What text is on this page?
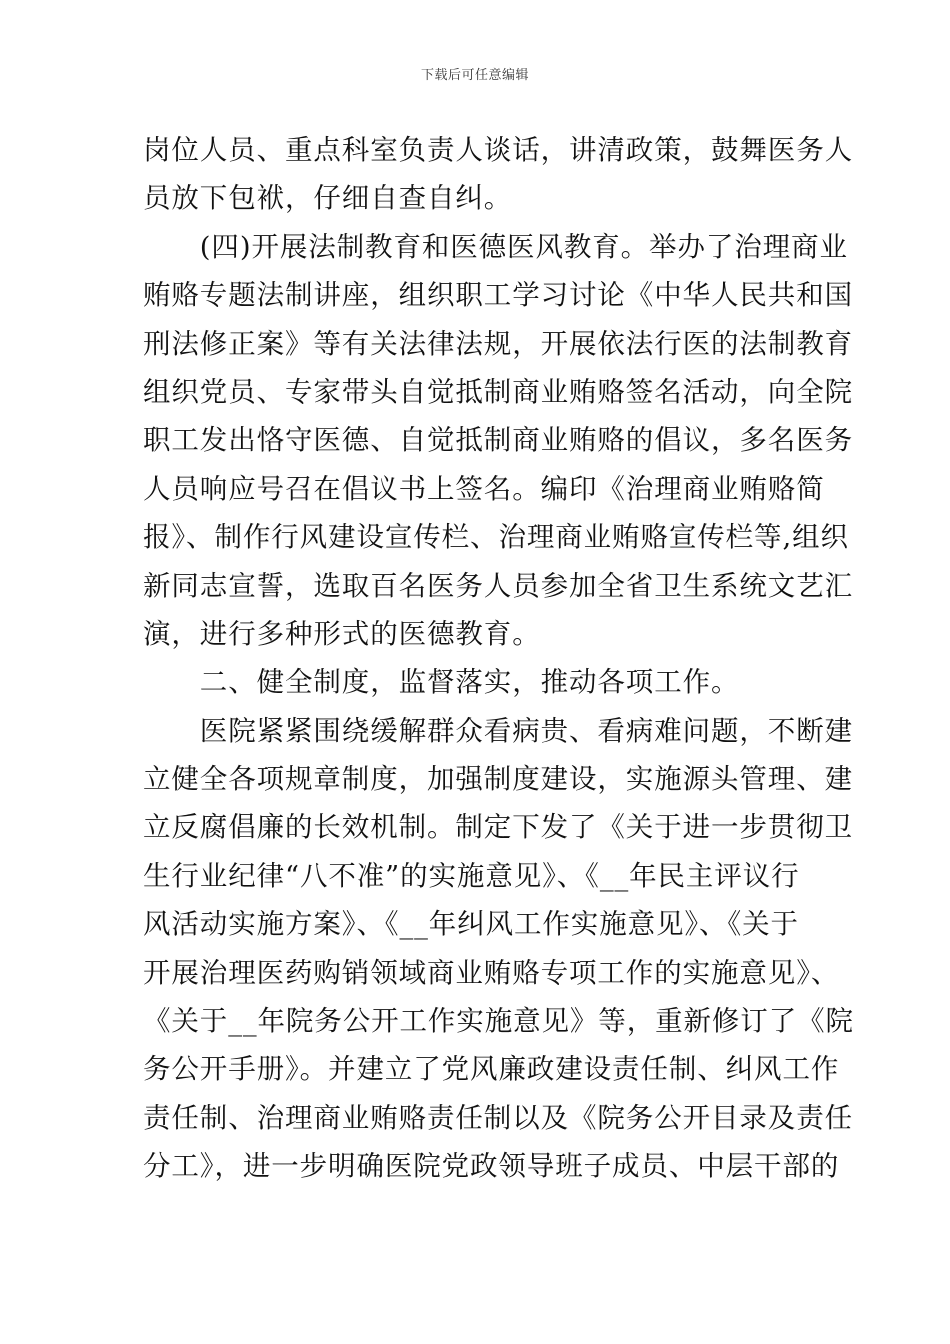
下载后可任意编辑
岗位人员、重点科室负责人谈话，讲清政策，鼓舞医务人
员放下包袱，仔细自查自纠。
　　(四)开展法制教育和医德医风教育。举办了治理商业
贿赂专题法制讲座，组织职工学习讨论《中华人民共和国
刑法修正案》等有关法律法规，开展依法行医的法制教育
组织党员、专家带头自觉抵制商业贿赂签名活动，向全院
职工发出恪守医德、自觉抵制商业贿赂的倡议，多名医务
人员响应号召在倡议书上签名。编印《治理商业贿赂简
报》、制作行风建设宣传栏、治理商业贿赂宣传栏等,组织
新同志宣誓，选取百名医务人员参加全省卫生系统文艺汇
演，进行多种形式的医德教育。
　　二、健全制度，监督落实，推动各项工作。
　　医院紧紧围绕缓解群众看病贵、看病难问题，不断建
立健全各项规章制度，加强制度建设，实施源头管理、建
立反腐倡廉的长效机制。制定下发了《关于进一步贯彻卫
生行业纪律“八不准”的实施意见》、《__年民主评议行
风活动实施方案》、《__年纠风工作实施意见》、《关于
开展治理医药购销领域商业贿赂专项工作的实施意见》、
《关于__年院务公开工作实施意见》等，重新修订了《院
务公开手册》。并建立了党风廉政建设责任制、纠风工作
责任制、治理商业贿赂责任制以及《院务公开目录及责任
分工》，进一步明确医院党政领导班子成员、中层干部的
